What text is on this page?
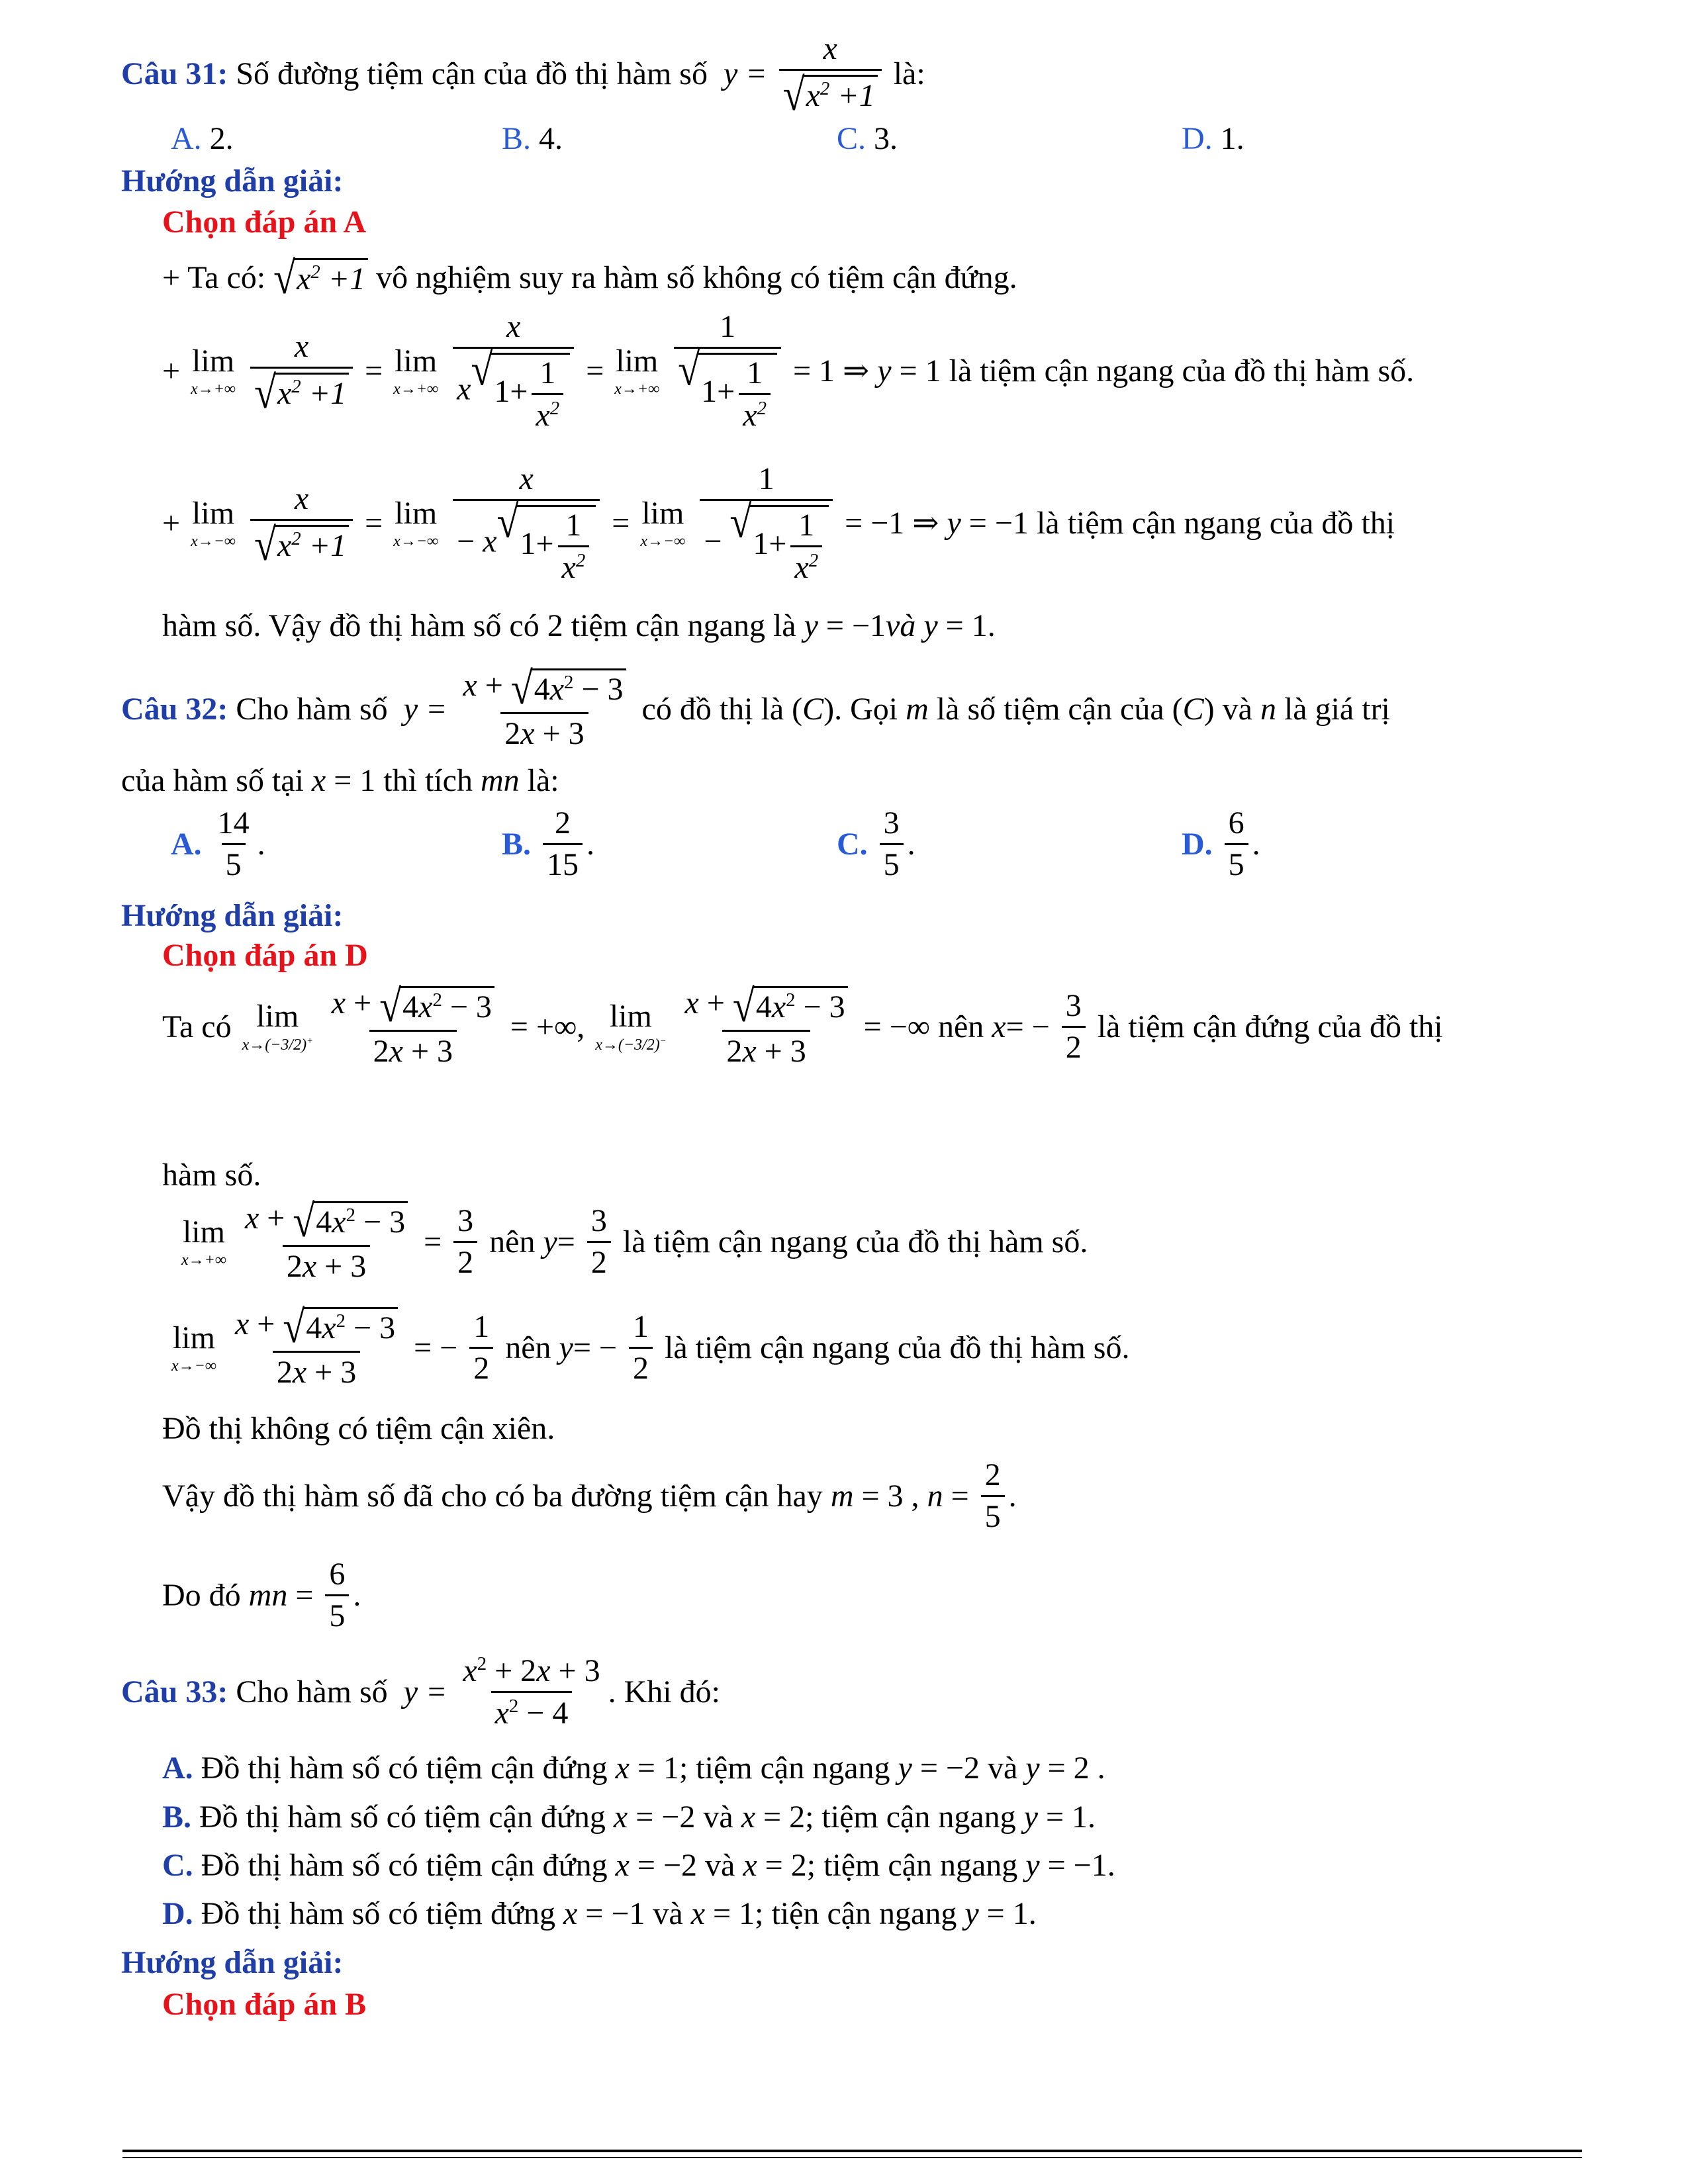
Câu 31: Số đường tiệm cận của đồ thị hàm số  $y = \frac{x}{√ x^2 +1}$ là:
A. 2.	B. 4.	C. 3.	D. 1.
Hướng dẫn giải:
Chọn đáp án A
+ Ta có: √ $x^2 +1$ vô nghiệm suy ra hàm số không có tiệm cận đứng.
+ lim
x→+∞
$\frac{x}{√ x^2 +1} = \lim$
x→+∞
$\frac{x}{x √ 1+ \frac{1}{x^2}} = \lim$
x→+∞
$\frac{1}{√ 1+ \frac{1}{x^2}} = 1$ ⇒ y = 1 là tiệm cận ngang của đồ thị hàm số.
+ lim
x→−∞
$\frac{x}{√ x^2 +1} = \lim$
x→−∞
$\frac{x}{- x √ 1+ \frac{1}{x^2}} = \lim$
x→−∞
$\frac{1}{- √ 1+ \frac{1}{x^2}} = -1$ ⇒ y = −1 là tiệm cận ngang của đồ thị
hàm số. Vậy đồ thị hàm số có 2 tiệm cận ngang là y = −1và y = 1.
Câu 32: Cho hàm số  $y = \frac{x + √ 4x^2 - 3}{2x + 3}$ có đồ thị là (C). Gọi m là số tiệm cận của (C) và n là giá trị
của hàm số tại x = 1 thì tích mn là:
A. $\frac{14}{5}$ .	B. $\frac{2}{15}$ .	C. $\frac{3}{5}$ .	D. $\frac{6}{5}$ .
Hướng dẫn giải:
Chọn đáp án D
Ta có lim
x→(−3/2)+
$\frac{x + √ 4x^2 - 3}{2x + 3}$ = +∞, lim
x→(−3/2)−
$\frac{x + √ 4x^2 - 3}{2x + 3}$ = −∞ nên $x= - \frac{3}{2}$ là tiệm cận đứng của đồ thị
hàm số.
lim
x→+∞
$\frac{x + √ 4x^2 - 3}{2x + 3} = \frac{3}{2}$ nên $y= \frac{3}{2}$ là tiệm cận ngang của đồ thị hàm số.
lim
x→−∞
$\frac{x + √ 4x^2 - 3}{2x + 3}$ = − $\frac{1}{2}$ nên $y= - \frac{1}{2}$ là tiệm cận ngang của đồ thị hàm số.
Đồ thị không có tiệm cận xiên.
Vậy đồ thị hàm số đã cho có ba đường tiệm cận hay m = 3 , $n = \frac{2}{5}$ .
Do đó mn = $\frac{6}{5}$ .
Câu 33: Cho hàm số  $y = \frac{x^2 + 2x + 3}{x^2 - 4}$ . Khi đó:
A. Đồ thị hàm số có tiệm cận đứng x = 1; tiệm cận ngang y = −2 và y = 2 .
B. Đồ thị hàm số có tiệm cận đứng x = −2 và x = 2; tiệm cận ngang y = 1.
C. Đồ thị hàm số có tiệm cận đứng x = −2 và x = 2; tiệm cận ngang y = −1.
D. Đồ thị hàm số có tiệm đứng x = −1 và x = 1; tiện cận ngang y = 1.
Hướng dẫn giải:
Chọn đáp án B
